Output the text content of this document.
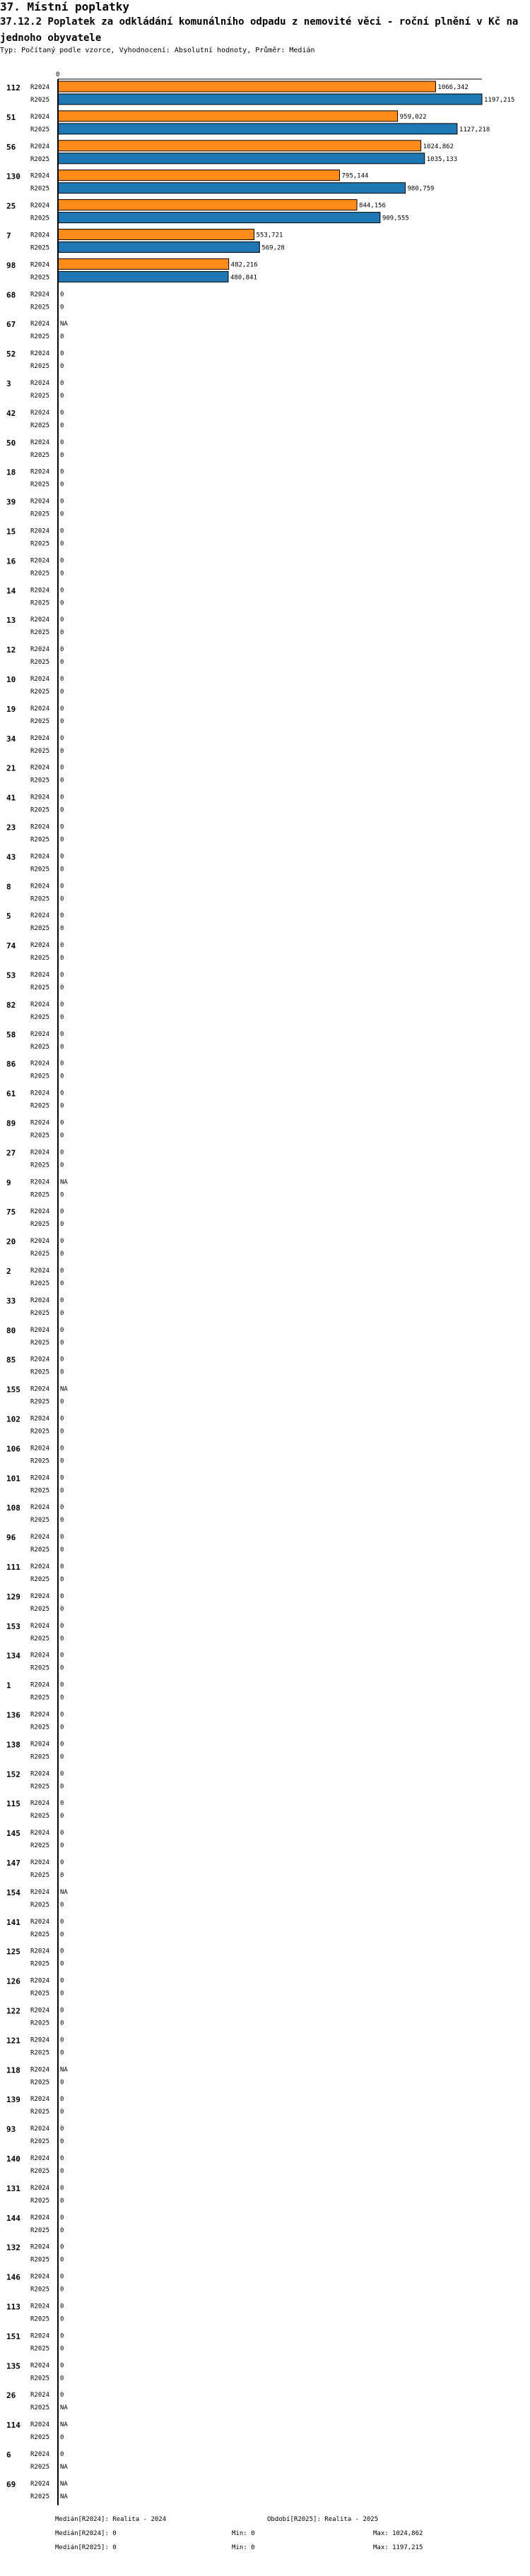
37. Místní poplatky
37.12.2 Poplatek za odkládání komunálního odpadu z nemovité věci - roční plnění v Kč na jednoho obyvatele
Typ: Počítaný podle vzorce, Vyhodnocení: Absolutní hodnoty, Průměr: Medián
0
112 R2024	1066,342
R2025	1197,215
51 R2024	959,022
R2025	1127,218
56 R2024	1024,862
R2025	1035,133
130 R2024	795,144
R2025	980,759
25 R2024	844,156
R2025	909,555
7	R2024	553,721
R2025	569,28
98 R2024	482,216
R2025	480,841
68 R2024 0
R2025 0
67 R2024 NA
R2025 0
52 R2024 0
R2025 0
3	R2024 0
R2025 0
42 R2024 0
R2025 0
50 R2024 0
R2025 0
18 R2024 0
R2025 0
39 R2024 0
R2025 0
15 R2024 0
R2025 0
16 R2024 0
R2025 0
14 R2024 0
R2025 0
13 R2024 0
R2025 0
12 R2024 0
R2025 0
10 R2024 0
R2025 0
19 R2024 0
R2025 0
34 R2024 0
R2025 0
21 R2024 0
R2025 0
41 R2024 0
R2025 0
23 R2024 0
R2025 0
43 R2024 0
R2025 0
8	R2024 0
R2025 0
5	R2024 0
R2025 0
74 R2024 0
R2025 0
53 R2024 0
R2025 0
82 R2024 0
R2025 0
58 R2024 0
R2025 0
86 R2024 0
R2025 0
61 R2024 0
R2025 0
89 R2024 0
R2025 0
27 R2024 0
R2025 0
9	R2024 NA
R2025 0
75 R2024 0
R2025 0
20 R2024 0
R2025 0
2	R2024 0
R2025 0
33 R2024 0
R2025 0
80 R2024 0
R2025 0
85 R2024 0
R2025 0
155 R2024 NA
R2025 0
102 R2024 0
R2025 0
106 R2024 0
R2025 0
101 R2024 0
R2025 0
108 R2024 0
R2025 0
96 R2024 0
R2025 0
111 R2024 0
R2025 0
129 R2024 0
R2025 0
153 R2024 0
R2025 0
134 R2024 0
R2025 0
1	R2024 0
R2025 0
136 R2024 0
R2025 0
138 R2024 0
R2025 0
152 R2024 0
R2025 0
115 R2024 0
R2025 0
145 R2024 0
R2025 0
147 R2024 0
R2025 0
154 R2024 NA
R2025 0
141 R2024 0
R2025 0
125 R2024 0
R2025 0
126 R2024 0
R2025 0
122 R2024 0
R2025 0
121 R2024 0
R2025 0
118 R2024 NA
R2025 0
139 R2024 0
R2025 0
93 R2024 0
R2025 0
140 R2024 0
R2025 0
131 R2024 0
R2025 0
144 R2024 0
R2025 0
132 R2024 0
R2025 0
146 R2024 0
R2025 0
113 R2024 0
R2025 0
151 R2024 0
R2025 0
135 R2024 0
R2025 0
26 R2024 0
R2025 NA
114 R2024 NA
R2025 0
6	R2024 0
R2025 NA
69 R2024 NA
R2025 NA
Medián[R2024]: Realita - 2024	Období[R2025]: Realita - 2025
Medián[R2024]: 0	Min: 0	Max: 1024,862
Medián[R2025]: 0	Min: 0	Max: 1197,215
